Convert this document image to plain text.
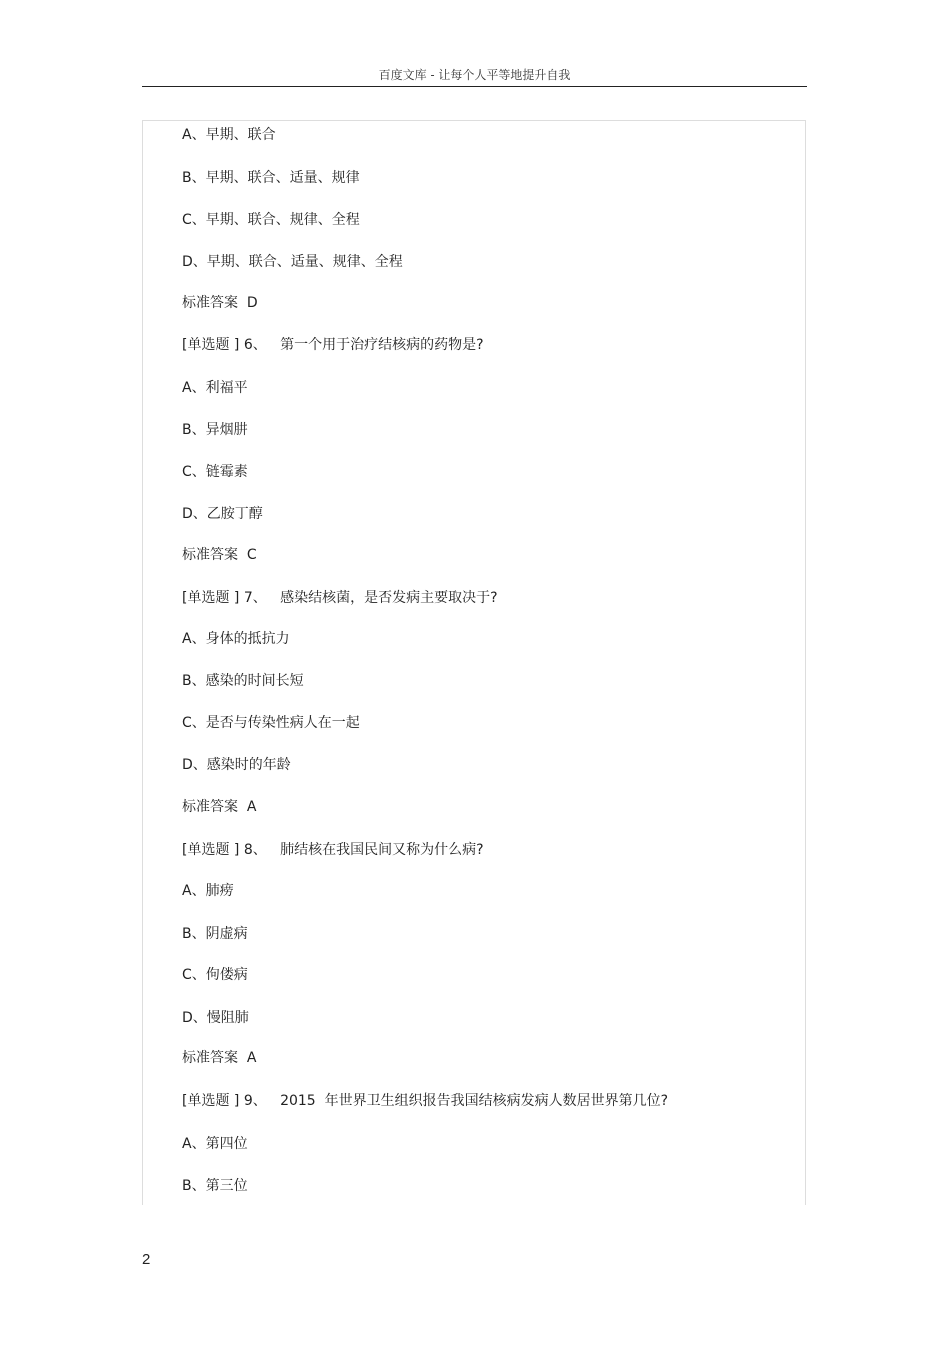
百度文库 - 让每个人平等地提升自我
A、早期、联合
B、早期、联合、适量、规律
C、早期、联合、规律、全程
D、早期、联合、适量、规律、全程
标准答案  D
[单选题 ] 6、   第一个用于治疗结核病的药物是?
A、利福平
B、异烟肼
C、链霉素
D、乙胺丁醇
标准答案  C
[单选题 ] 7、   感染结核菌，是否发病主要取决于?
A、身体的抵抗力
B、感染的时间长短
C、是否与传染性病人在一起
D、感染时的年龄
标准答案  A
[单选题 ] 8、   肺结核在我国民间又称为什么病?
A、肺痨
B、阴虚病
C、佝偻病
D、慢阻肺
标准答案  A
[单选题 ] 9、   2015  年世界卫生组织报告我国结核病发病人数居世界第几位?
A、第四位
B、第三位
2
